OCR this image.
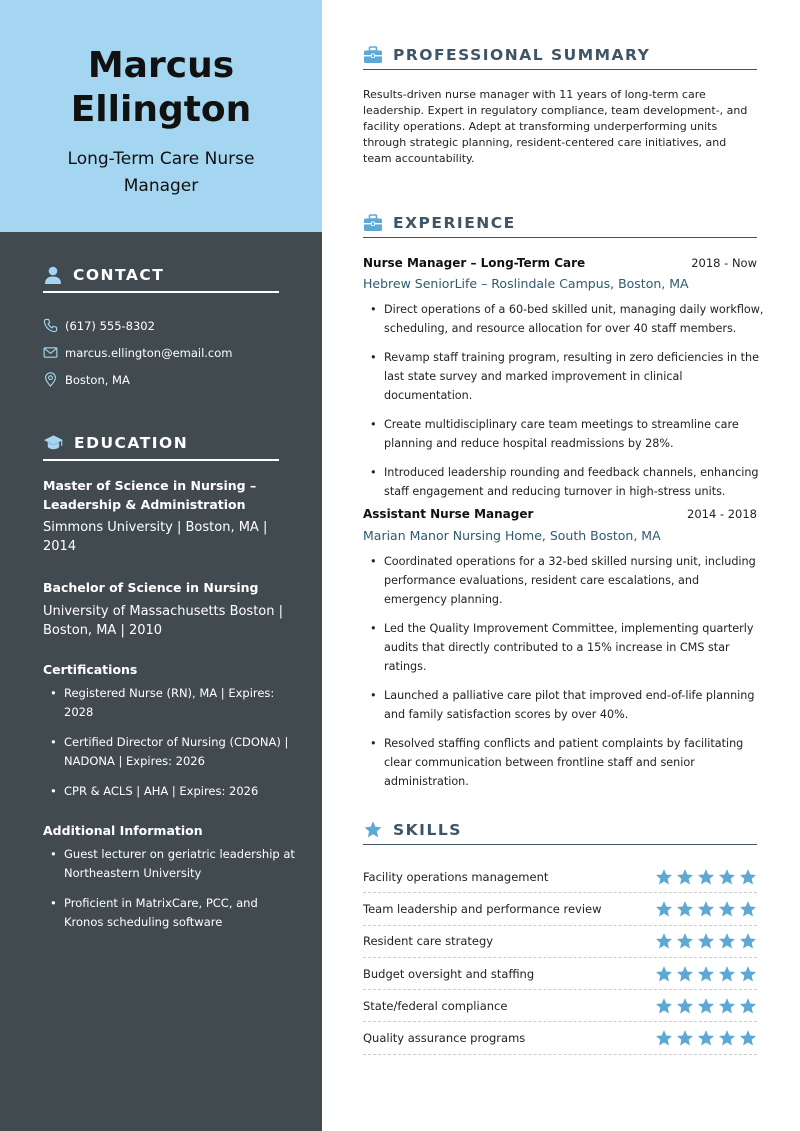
Marcus
Ellington
Long-Term Care Nurse Manager
CONTACT
(617) 555-8302
marcus.ellington@email.com
Boston, MA
EDUCATION
Master of Science in Nursing – Leadership & Administration
Simmons University | Boston, MA | 2014
Bachelor of Science in Nursing
University of Massachusetts Boston | Boston, MA | 2010
Certifications
• Registered Nurse (RN), MA | Expires: 2028
• Certified Director of Nursing (CDONA) | NADONA | Expires: 2026
• CPR & ACLS | AHA | Expires: 2026
Additional Information
• Guest lecturer on geriatric leadership at Northeastern University
• Proficient in MatrixCare, PCC, and Kronos scheduling software
PROFESSIONAL SUMMARY
Results-driven nurse manager with 11 years of long-term care leadership. Expert in regulatory compliance, team development-, and facility operations. Adept at transforming underperforming units through strategic planning, resident-centered care initiatives, and team accountability.
EXPERIENCE
Nurse Manager – Long-Term Care	2018 - Now
Hebrew SeniorLife – Roslindale Campus, Boston, MA
• Direct operations of a 60-bed skilled unit, managing daily workflow, scheduling, and resource allocation for over 40 staff members.
• Revamp staff training program, resulting in zero deficiencies in the last state survey and marked improvement in clinical documentation.
• Create multidisciplinary care team meetings to streamline care planning and reduce hospital readmissions by 28%.
• Introduced leadership rounding and feedback channels, enhancing staff engagement and reducing turnover in high-stress units.
Assistant Nurse Manager	2014 - 2018
Marian Manor Nursing Home, South Boston, MA
• Coordinated operations for a 32-bed skilled nursing unit, including performance evaluations, resident care escalations, and emergency planning.
• Led the Quality Improvement Committee, implementing quarterly audits that directly contributed to a 15% increase in CMS star ratings.
• Launched a palliative care pilot that improved end-of-life planning and family satisfaction scores by over 40%.
• Resolved staffing conflicts and patient complaints by facilitating clear communication between frontline staff and senior administration.
SKILLS
Facility operations management
Team leadership and performance review
Resident care strategy
Budget oversight and staffing
State/federal compliance
Quality assurance programs
